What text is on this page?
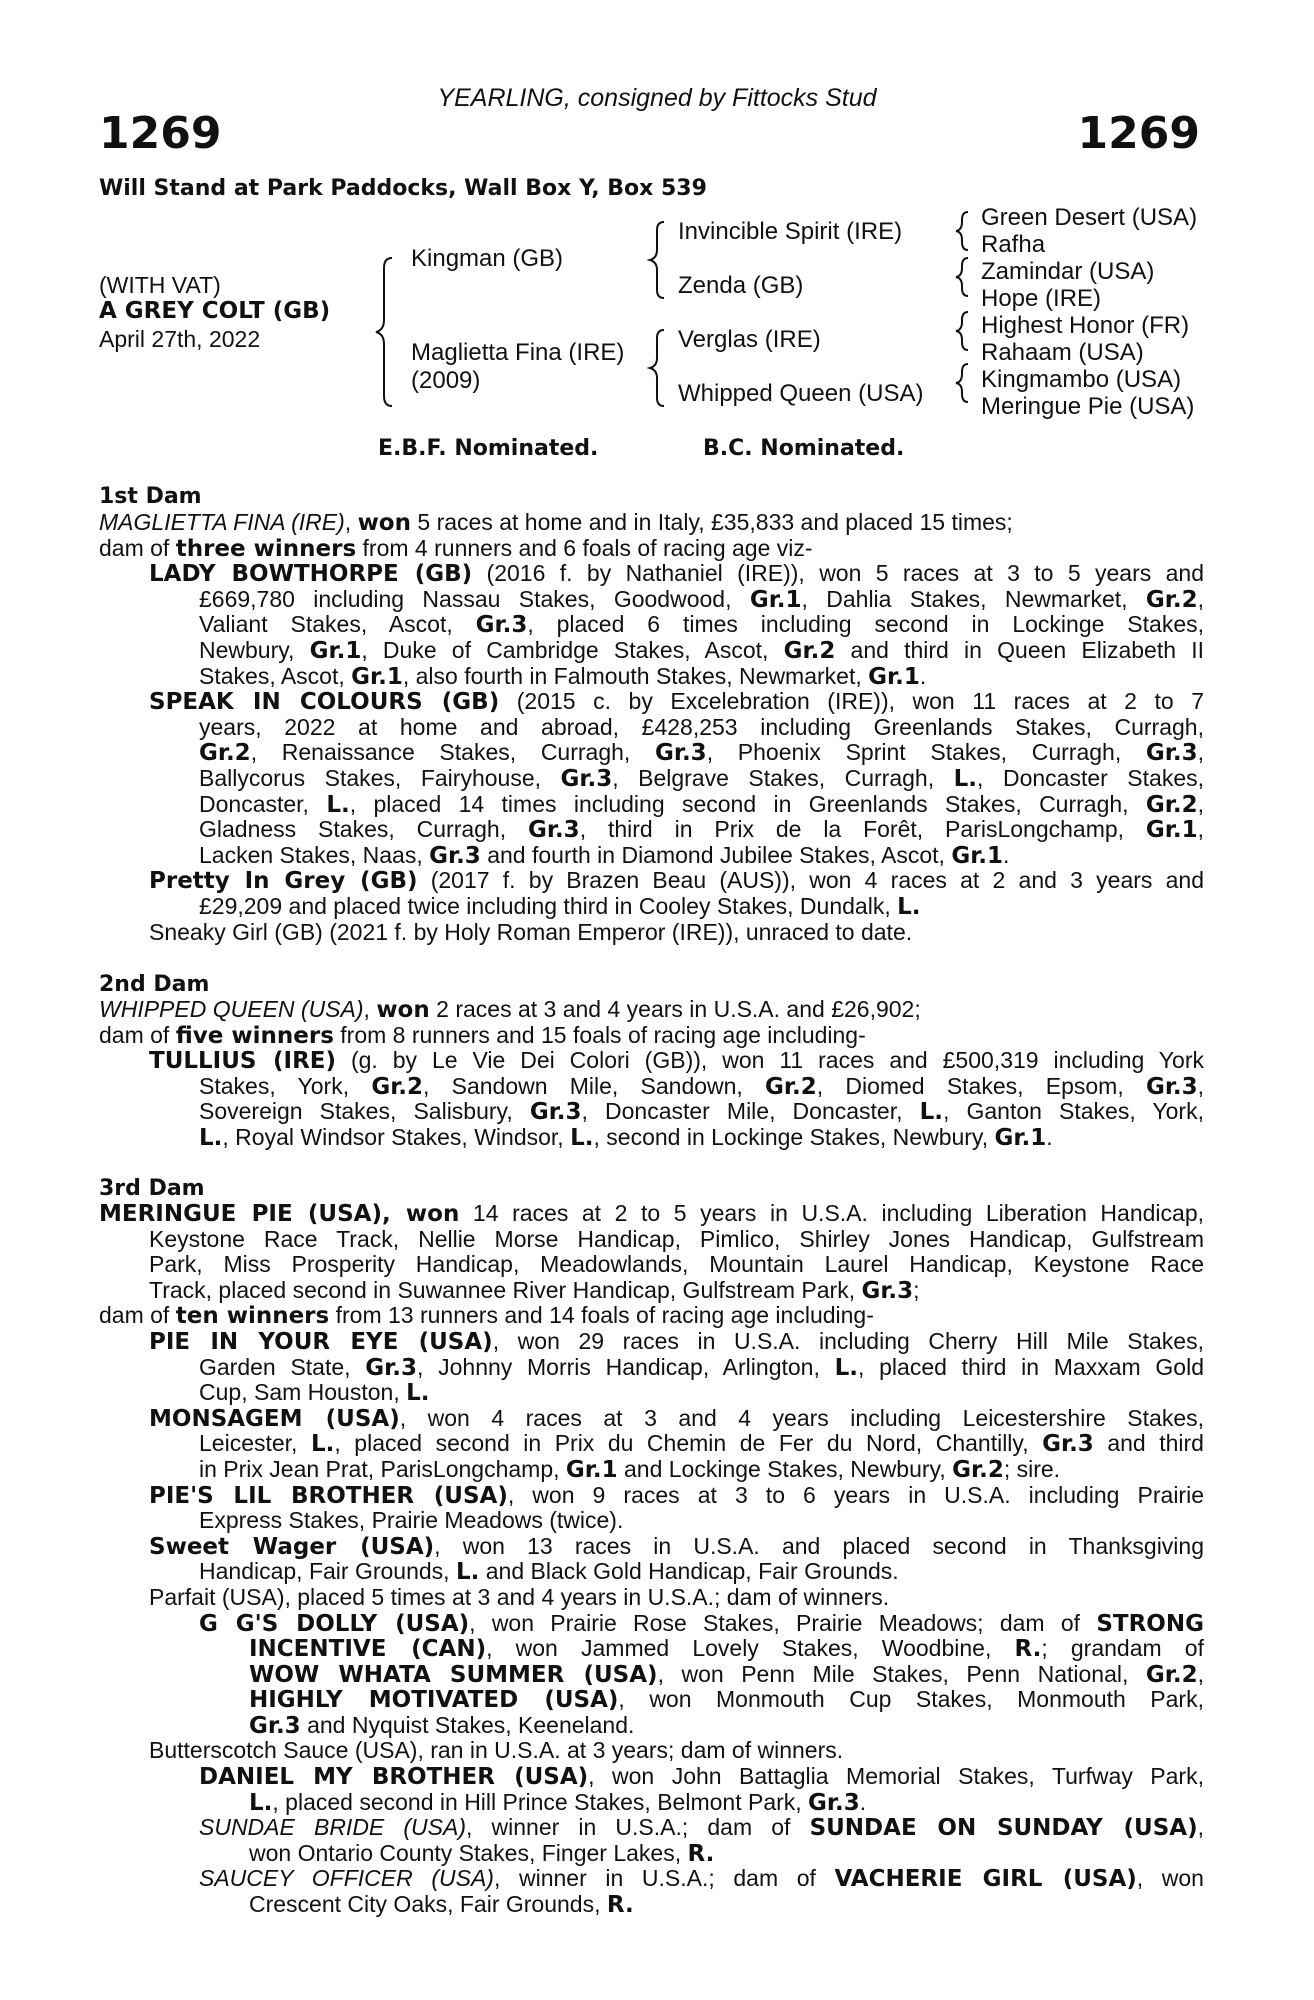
YEARLING, consigned by Fittocks Stud
1269	1269
Will Stand at Park Paddocks, Wall Box Y, Box 539
(WITH VAT)
A GREY COLT (GB)
April 27th, 2022
Kingman (GB)
Maglietta Fina (IRE)
(2009)
Invincible Spirit (IRE)
Zenda (GB)
Verglas (IRE)
Whipped Queen (USA)
Green Desert (USA)
Rafha
Zamindar (USA)
Hope (IRE)
Highest Honor (FR)
Rahaam (USA)
Kingmambo (USA)
Meringue Pie (USA)
E.B.F. Nominated.	B.C. Nominated.
1st Dam
MAGLIETTA FINA (IRE), won 5 races at home and in Italy, £35,833 and placed 15 times;
dam of three winners from 4 runners and 6 foals of racing age viz-
LADY BOWTHORPE (GB) (2016 f. by Nathaniel (IRE)), won 5 races at 3 to 5 years and
£669,780 including Nassau Stakes, Goodwood, Gr.1, Dahlia Stakes, Newmarket, Gr.2,
Valiant Stakes, Ascot, Gr.3, placed 6 times including second in Lockinge Stakes,
Newbury, Gr.1, Duke of Cambridge Stakes, Ascot, Gr.2 and third in Queen Elizabeth II
Stakes, Ascot, Gr.1, also fourth in Falmouth Stakes, Newmarket, Gr.1.
SPEAK IN COLOURS (GB) (2015 c. by Excelebration (IRE)), won 11 races at 2 to 7
years, 2022 at home and abroad, £428,253 including Greenlands Stakes, Curragh,
Gr.2, Renaissance Stakes, Curragh, Gr.3, Phoenix Sprint Stakes, Curragh, Gr.3,
Ballycorus Stakes, Fairyhouse, Gr.3, Belgrave Stakes, Curragh, L., Doncaster Stakes,
Doncaster, L., placed 14 times including second in Greenlands Stakes, Curragh, Gr.2,
Gladness Stakes, Curragh, Gr.3, third in Prix de la Forêt, ParisLongchamp, Gr.1,
Lacken Stakes, Naas, Gr.3 and fourth in Diamond Jubilee Stakes, Ascot, Gr.1.
Pretty In Grey (GB) (2017 f. by Brazen Beau (AUS)), won 4 races at 2 and 3 years and
£29,209 and placed twice including third in Cooley Stakes, Dundalk, L.
Sneaky Girl (GB) (2021 f. by Holy Roman Emperor (IRE)), unraced to date.
2nd Dam
WHIPPED QUEEN (USA), won 2 races at 3 and 4 years in U.S.A. and £26,902;
dam of five winners from 8 runners and 15 foals of racing age including-
TULLIUS (IRE) (g. by Le Vie Dei Colori (GB)), won 11 races and £500,319 including York
Stakes, York, Gr.2, Sandown Mile, Sandown, Gr.2, Diomed Stakes, Epsom, Gr.3,
Sovereign Stakes, Salisbury, Gr.3, Doncaster Mile, Doncaster, L., Ganton Stakes, York,
L., Royal Windsor Stakes, Windsor, L., second in Lockinge Stakes, Newbury, Gr.1.
3rd Dam
MERINGUE PIE (USA), won 14 races at 2 to 5 years in U.S.A. including Liberation Handicap,
Keystone Race Track, Nellie Morse Handicap, Pimlico, Shirley Jones Handicap, Gulfstream
Park, Miss Prosperity Handicap, Meadowlands, Mountain Laurel Handicap, Keystone Race
Track, placed second in Suwannee River Handicap, Gulfstream Park, Gr.3;
dam of ten winners from 13 runners and 14 foals of racing age including-
PIE IN YOUR EYE (USA), won 29 races in U.S.A. including Cherry Hill Mile Stakes,
Garden State, Gr.3, Johnny Morris Handicap, Arlington, L., placed third in Maxxam Gold
Cup, Sam Houston, L.
MONSAGEM (USA), won 4 races at 3 and 4 years including Leicestershire Stakes,
Leicester, L., placed second in Prix du Chemin de Fer du Nord, Chantilly, Gr.3 and third
in Prix Jean Prat, ParisLongchamp, Gr.1 and Lockinge Stakes, Newbury, Gr.2; sire.
PIE'S LIL BROTHER (USA), won 9 races at 3 to 6 years in U.S.A. including Prairie
Express Stakes, Prairie Meadows (twice).
Sweet Wager (USA), won 13 races in U.S.A. and placed second in Thanksgiving
Handicap, Fair Grounds, L. and Black Gold Handicap, Fair Grounds.
Parfait (USA), placed 5 times at 3 and 4 years in U.S.A.; dam of winners.
G G'S DOLLY (USA), won Prairie Rose Stakes, Prairie Meadows; dam of STRONG
INCENTIVE (CAN), won Jammed Lovely Stakes, Woodbine, R.; grandam of
WOW WHATA SUMMER (USA), won Penn Mile Stakes, Penn National, Gr.2,
HIGHLY MOTIVATED (USA), won Monmouth Cup Stakes, Monmouth Park,
Gr.3 and Nyquist Stakes, Keeneland.
Butterscotch Sauce (USA), ran in U.S.A. at 3 years; dam of winners.
DANIEL MY BROTHER (USA), won John Battaglia Memorial Stakes, Turfway Park,
L., placed second in Hill Prince Stakes, Belmont Park, Gr.3.
SUNDAE BRIDE (USA), winner in U.S.A.; dam of SUNDAE ON SUNDAY (USA),
won Ontario County Stakes, Finger Lakes, R.
SAUCEY OFFICER (USA), winner in U.S.A.; dam of VACHERIE GIRL (USA), won
Crescent City Oaks, Fair Grounds, R.
